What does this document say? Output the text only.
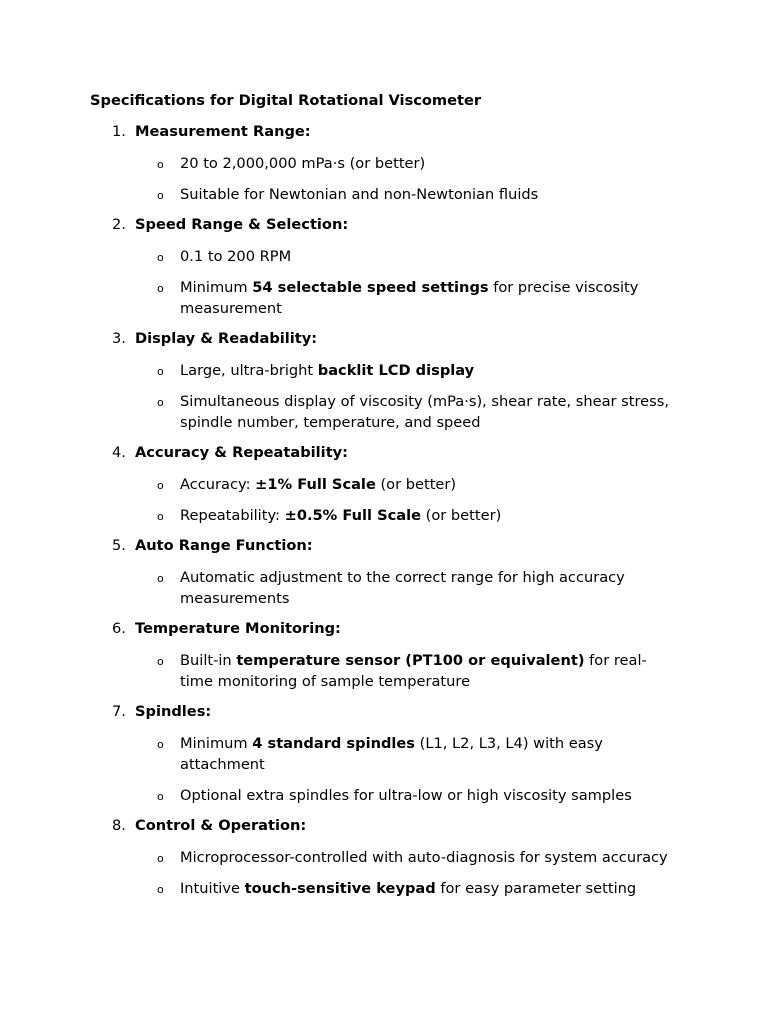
Specifications for Digital Rotational Viscometer
1. Measurement Range:
o 20 to 2,000,000 mPa·s (or better)
o Suitable for Newtonian and non-Newtonian fluids
2. Speed Range & Selection:
o 0.1 to 200 RPM
o Minimum 54 selectable speed settings for precise viscosity measurement
3. Display & Readability:
o Large, ultra-bright backlit LCD display
o Simultaneous display of viscosity (mPa·s), shear rate, shear stress, spindle number, temperature, and speed
4. Accuracy & Repeatability:
o Accuracy: ±1% Full Scale (or better)
o Repeatability: ±0.5% Full Scale (or better)
5. Auto Range Function:
o Automatic adjustment to the correct range for high accuracy measurements
6. Temperature Monitoring:
o Built-in temperature sensor (PT100 or equivalent) for real-time monitoring of sample temperature
7. Spindles:
o Minimum 4 standard spindles (L1, L2, L3, L4) with easy attachment
o Optional extra spindles for ultra-low or high viscosity samples
8. Control & Operation:
o Microprocessor-controlled with auto-diagnosis for system accuracy
o Intuitive touch-sensitive keypad for easy parameter setting
